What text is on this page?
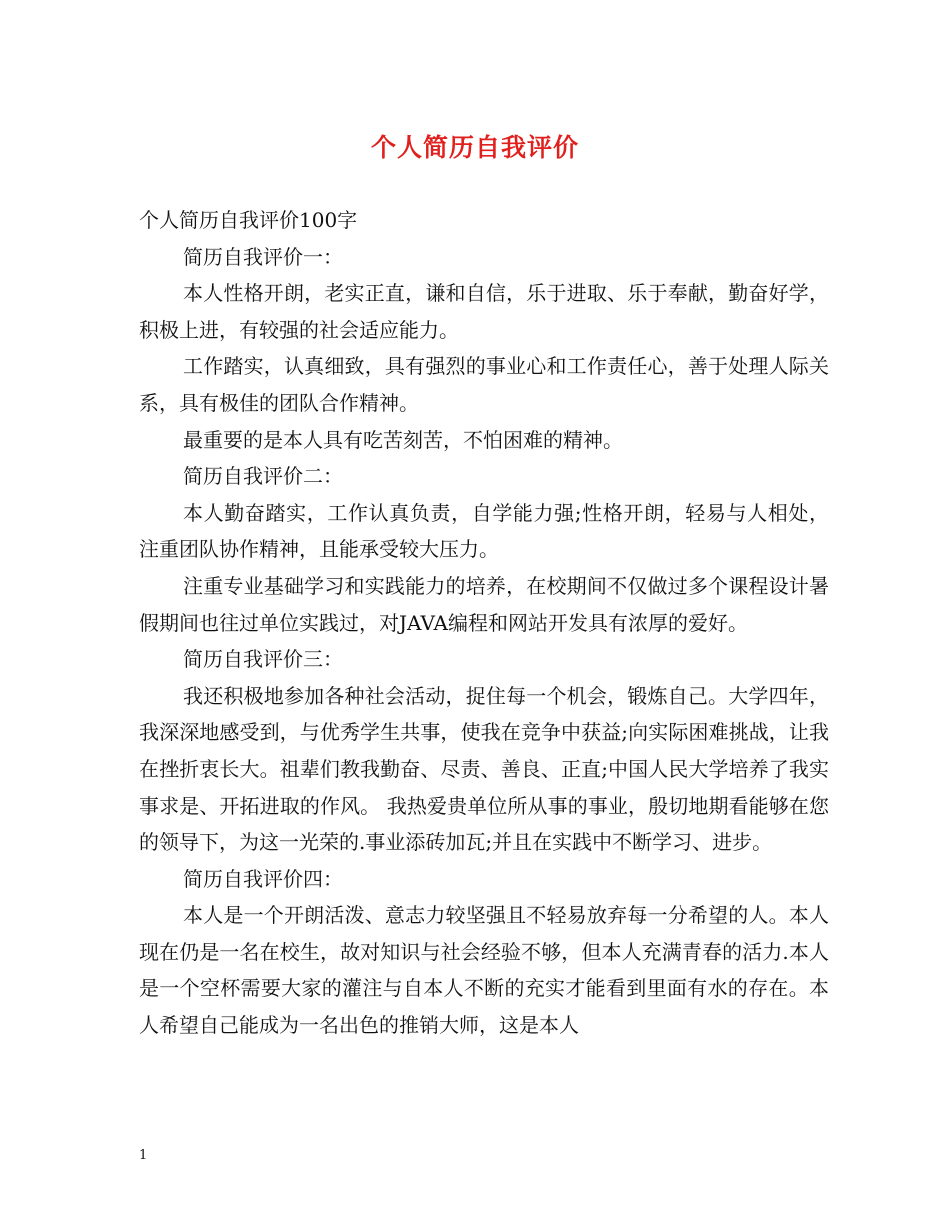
个人简历自我评价

个人简历自我评价100字

简历自我评价一：

本人性格开朗，老实正直，谦和自信，乐于进取、乐于奉献，勤奋好学，积极上进，有较强的社会适应能力。

工作踏实，认真细致，具有强烈的事业心和工作责任心，善于处理人际关系，具有极佳的团队合作精神。

最重要的是本人具有吃苦刻苦，不怕困难的精神。

简历自我评价二：

本人勤奋踏实，工作认真负责，自学能力强;性格开朗，轻易与人相处，注重团队协作精神，且能承受较大压力。

注重专业基础学习和实践能力的培养，在校期间不仅做过多个课程设计暑假期间也往过单位实践过，对JAVA编程和网站开发具有浓厚的爱好。

简历自我评价三：

我还积极地参加各种社会活动，捉住每一个机会，锻炼自己。大学四年，我深深地感受到，与优秀学生共事，使我在竞争中获益;向实际困难挑战，让我在挫折衷长大。祖辈们教我勤奋、尽责、善良、正直;中国人民大学培养了我实事求是、开拓进取的作风。 我热爱贵单位所从事的事业，殷切地期看能够在您的领导下，为这一光荣的.事业添砖加瓦;并且在实践中不断学习、进步。

简历自我评价四：

本人是一个开朗活泼、意志力较坚强且不轻易放弃每一分希望的人。本人现在仍是一名在校生，故对知识与社会经验不够，但本人充满青春的活力.本人是一个空杯需要大家的灌注与自本人不断的充实才能看到里面有水的存在。本人希望自己能成为一名出色的推销大师，这是本人

1
